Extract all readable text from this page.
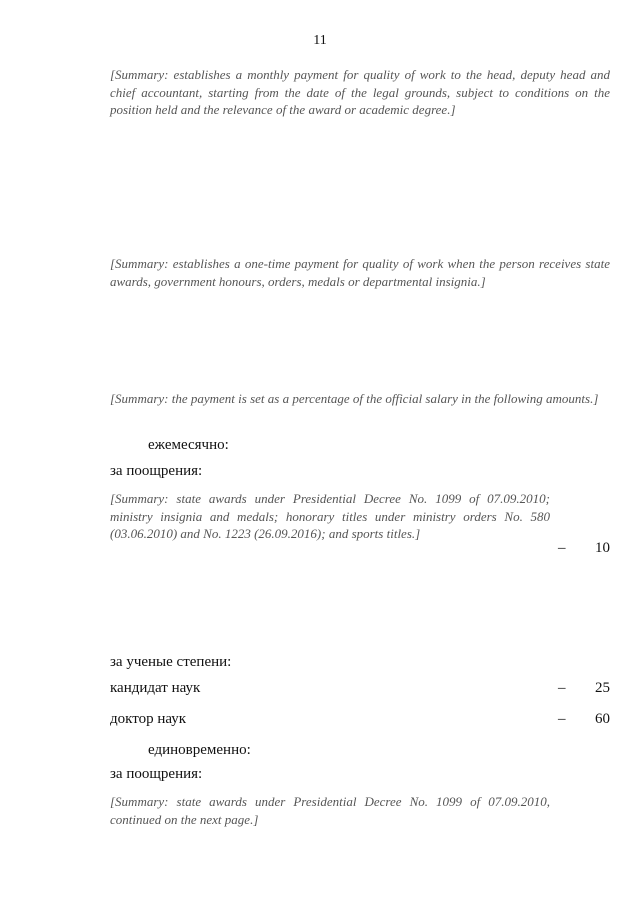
11
[Summary: establishes a monthly payment for quality of work to the head, deputy head and chief accountant, starting from the date of the legal grounds, subject to conditions on the position held and the relevance of the award or academic degree.]
[Summary: establishes a one-time payment for quality of work when the person receives state awards, government honours, orders, medals or departmental insignia.]
[Summary: the payment is set as a percentage of the official salary in the following amounts.]
ежемесячно:
за поощрения:
[Summary: state awards under Presidential Decree No. 1099 of 07.09.2010; ministry insignia and medals; honorary titles under ministry orders No. 580 (03.06.2010) and No. 1223 (26.09.2016); and sports titles.]
– 10
за ученые степени:
кандидат наук	– 25
доктор наук	– 60
единовременно:
за поощрения:
[Summary: state awards under Presidential Decree No. 1099 of 07.09.2010, continued on the next page.]
